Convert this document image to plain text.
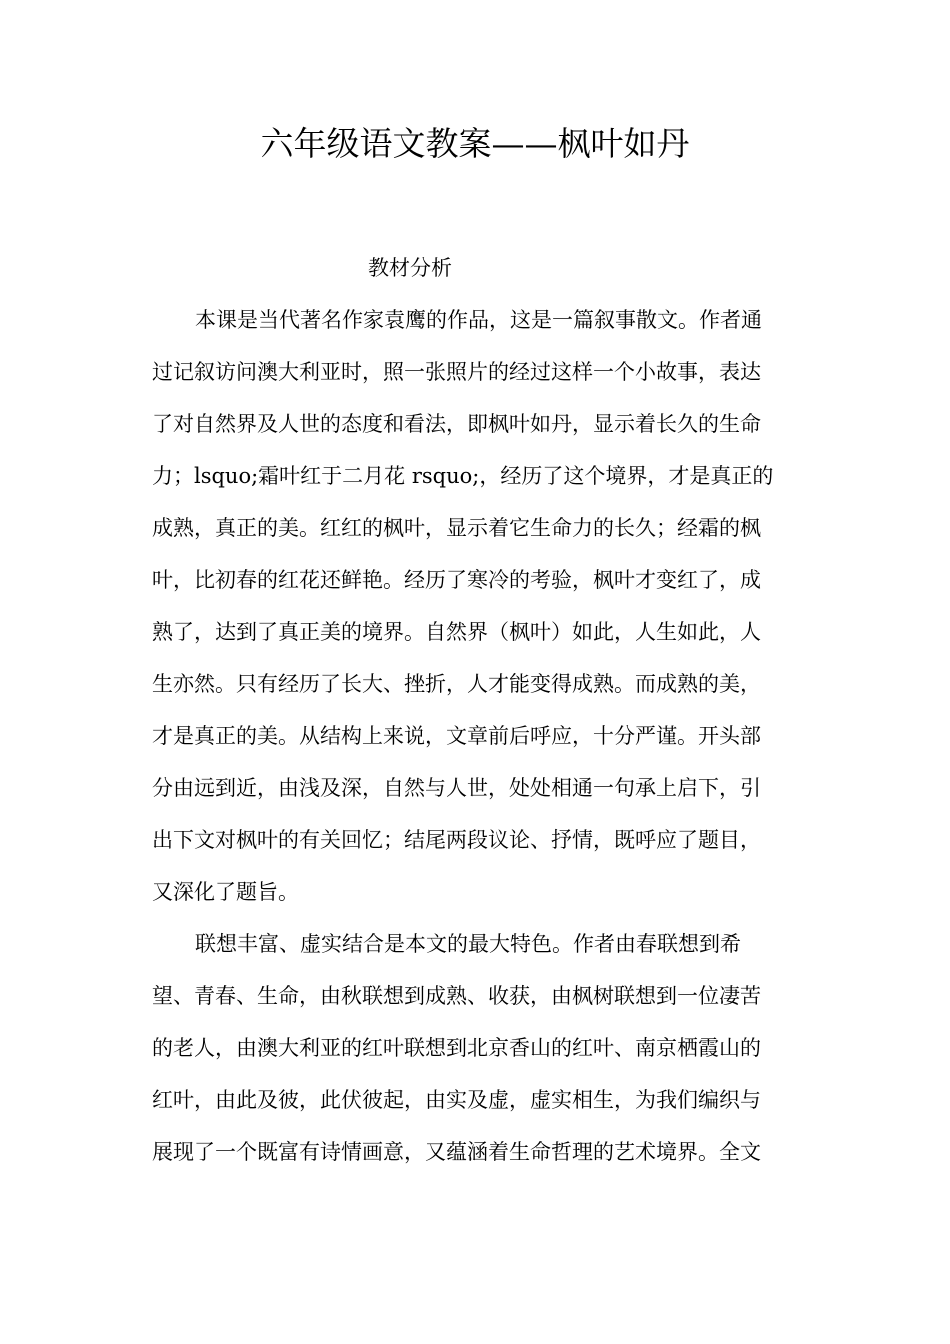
六年级语文教案——枫叶如丹
教材分析
本课是当代著名作家袁鹰的作品，这是一篇叙事散文。作者通
过记叙访问澳大利亚时，照一张照片的经过这样一个小故事，表达
了对自然界及人世的态度和看法，即枫叶如丹，显示着长久的生命
力；lsquo;霜叶红于二月花 rsquo;，经历了这个境界，才是真正的
成熟，真正的美。红红的枫叶，显示着它生命力的长久；经霜的枫
叶，比初春的红花还鲜艳。经历了寒冷的考验，枫叶才变红了，成
熟了，达到了真正美的境界。自然界（枫叶）如此，人生如此，人
生亦然。只有经历了长大、挫折，人才能变得成熟。而成熟的美，
才是真正的美。从结构上来说，文章前后呼应，十分严谨。开头部
分由远到近，由浅及深，自然与人世，处处相通一句承上启下，引
出下文对枫叶的有关回忆；结尾两段议论、抒情，既呼应了题目，
又深化了题旨。
联想丰富、虚实结合是本文的最大特色。作者由春联想到希
望、青春、生命，由秋联想到成熟、收获，由枫树联想到一位凄苦
的老人，由澳大利亚的红叶联想到北京香山的红叶、南京栖霞山的
红叶，由此及彼，此伏彼起，由实及虚，虚实相生，为我们编织与
展现了一个既富有诗情画意，又蕴涵着生命哲理的艺术境界。全文
